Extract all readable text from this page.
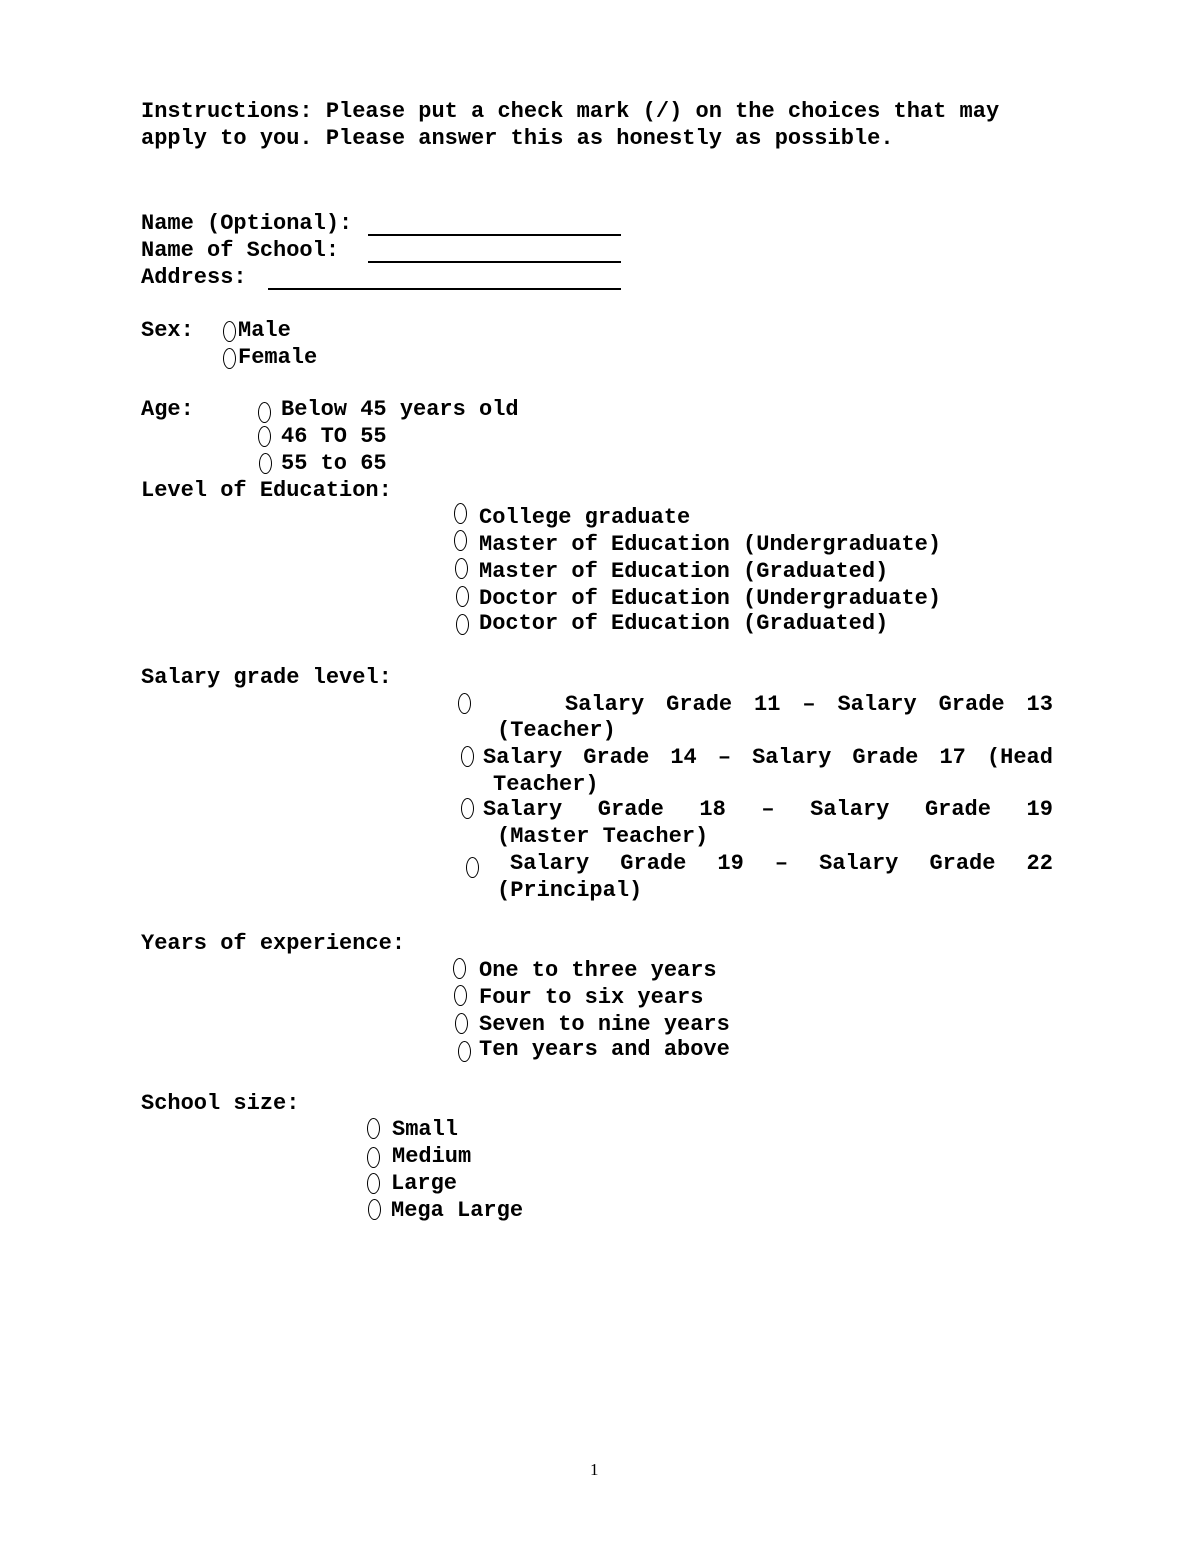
Instructions: Please put a check mark (/) on the choices that may
apply to you. Please answer this as honestly as possible.
Name (Optional):
Name of School:
Address:
Sex: Male
Female
Age:	Below 45 years old
46 TO 55
55 to 65
Level of Education:
College graduate
Master of Education (Undergraduate)
Master of Education (Graduated)
Doctor of Education (Undergraduate)
Doctor of Education (Graduated)
Salary grade level:
Salary Grade 11 – Salary Grade 13
(Teacher)
Salary Grade 14 – Salary Grade 17 (Head
Teacher)
Salary Grade 18 – Salary Grade 19
(Master Teacher)
Salary Grade 19 – Salary Grade 22
(Principal)
Years of experience:
One to three years
Four to six years
Seven to nine years
Ten years and above
School size:
Small
Medium
Large
Mega Large
1
